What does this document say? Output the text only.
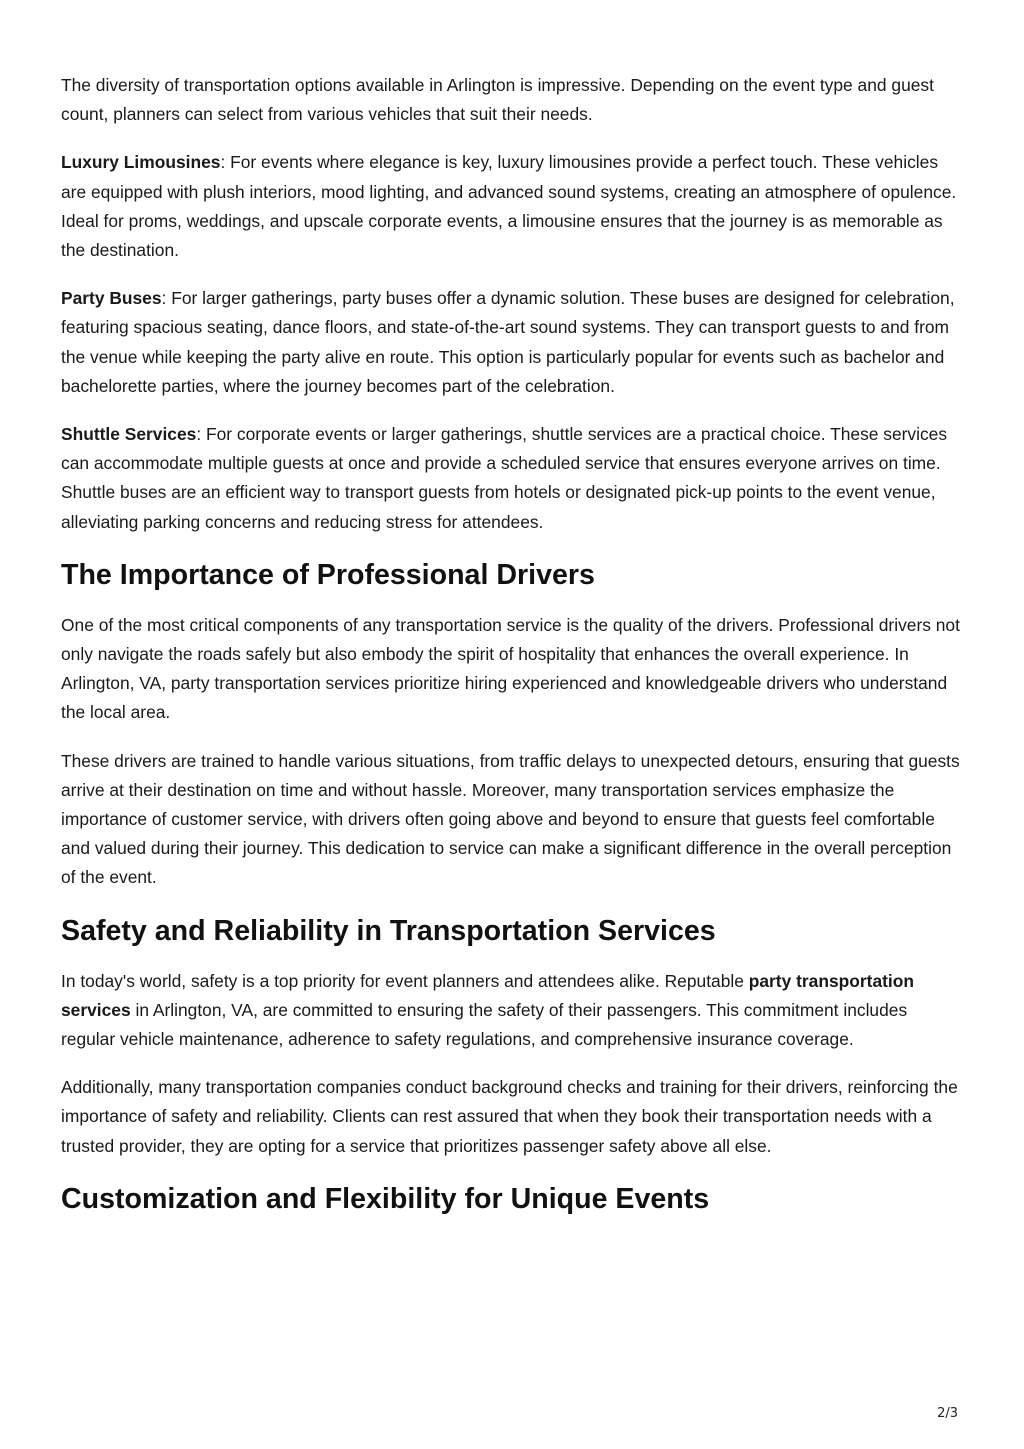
The diversity of transportation options available in Arlington is impressive. Depending on the event type and guest count, planners can select from various vehicles that suit their needs.

Luxury Limousines: For events where elegance is key, luxury limousines provide a perfect touch. These vehicles are equipped with plush interiors, mood lighting, and advanced sound systems, creating an atmosphere of opulence. Ideal for proms, weddings, and upscale corporate events, a limousine ensures that the journey is as memorable as the destination.

Party Buses: For larger gatherings, party buses offer a dynamic solution. These buses are designed for celebration, featuring spacious seating, dance floors, and state-of-the-art sound systems. They can transport guests to and from the venue while keeping the party alive en route. This option is particularly popular for events such as bachelor and bachelorette parties, where the journey becomes part of the celebration.

Shuttle Services: For corporate events or larger gatherings, shuttle services are a practical choice. These services can accommodate multiple guests at once and provide a scheduled service that ensures everyone arrives on time. Shuttle buses are an efficient way to transport guests from hotels or designated pick-up points to the event venue, alleviating parking concerns and reducing stress for attendees.

The Importance of Professional Drivers

One of the most critical components of any transportation service is the quality of the drivers. Professional drivers not only navigate the roads safely but also embody the spirit of hospitality that enhances the overall experience. In Arlington, VA, party transportation services prioritize hiring experienced and knowledgeable drivers who understand the local area.

These drivers are trained to handle various situations, from traffic delays to unexpected detours, ensuring that guests arrive at their destination on time and without hassle. Moreover, many transportation services emphasize the importance of customer service, with drivers often going above and beyond to ensure that guests feel comfortable and valued during their journey. This dedication to service can make a significant difference in the overall perception of the event.

Safety and Reliability in Transportation Services

In today's world, safety is a top priority for event planners and attendees alike. Reputable party transportation services in Arlington, VA, are committed to ensuring the safety of their passengers. This commitment includes regular vehicle maintenance, adherence to safety regulations, and comprehensive insurance coverage.

Additionally, many transportation companies conduct background checks and training for their drivers, reinforcing the importance of safety and reliability. Clients can rest assured that when they book their transportation needs with a trusted provider, they are opting for a service that prioritizes passenger safety above all else.

Customization and Flexibility for Unique Events
2/3
